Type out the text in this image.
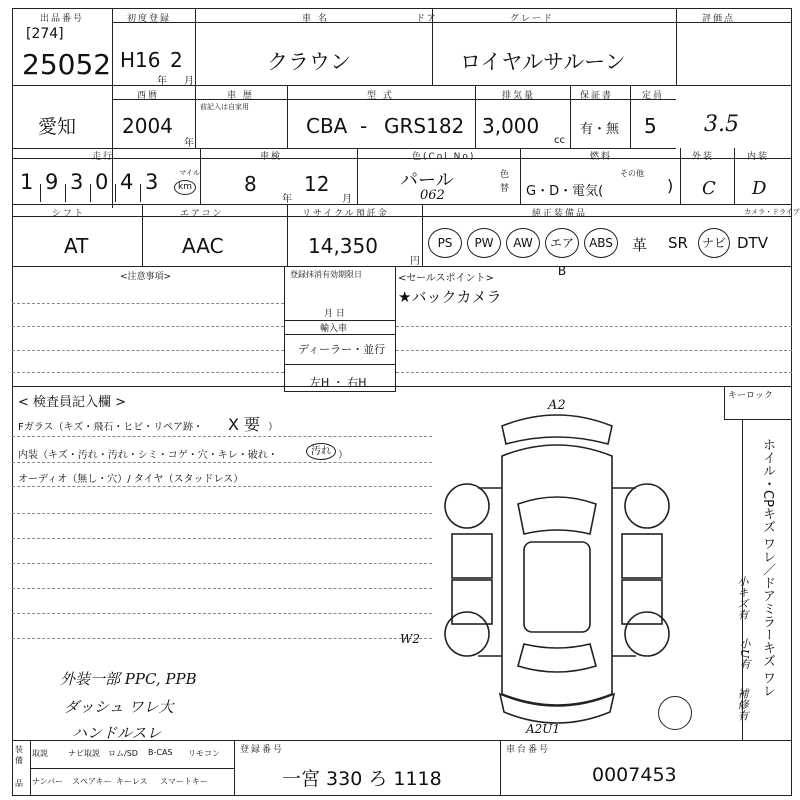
出品番号
[274]
25052
初度登録
H16 2
年 月
車 名
クラウン
ドア	グレード
ロイヤルサルーン
評価点
3.5
愛知
西暦
2004
年
車 歴
前記入は自家用
型 式
CBA - GRS182
排気量
3,000
cc
保証書
有・無
定員
5
走行
1 9 3 0 4 3	マイル
km
車検
8
年
12
月
色(Col.No)
パール
062
色替
燃料
G・D・電気(
その他
)
外装
C
内装
D
シフト
AT
エアコン
AAC
リサイクル預託金
14,350
円
純正装備品	カメラ・ドライブ
PS	PW	AW	エアB
ABS	革 SR	ナビ DTV
<注意事項>	登録抹消有効期限日
月 日
輸入車
ディーラー・並行
左H ・ 右H
<セールスポイント>
★バックカメラ
< 検査員記入欄 >
Fガラス（キズ・飛石・ヒビ・リペア跡・ X 要 ）
内装（キズ・汚れ・汚れ・シミ・コゲ・穴・キレ・破れ・	汚れ ）
オーディオ（無し・穴）/ タイヤ（スタッドレス）
外装一部 PPC, PPB
ダッシュ ワレ大
ハンドルスレ
A2
W2
A2U1
キーロック
ホイル・CPキズ ワレ／ドアミラーキズ ワレ
小キズ有
小U有
補修有
装備
品
取説	ナビ取説 ロム/SD B-CAS リモコン
ナンバー スペアキー キーレス スマートキー
登録番号
一宮 330 ろ 1118
車台番号
0007453
